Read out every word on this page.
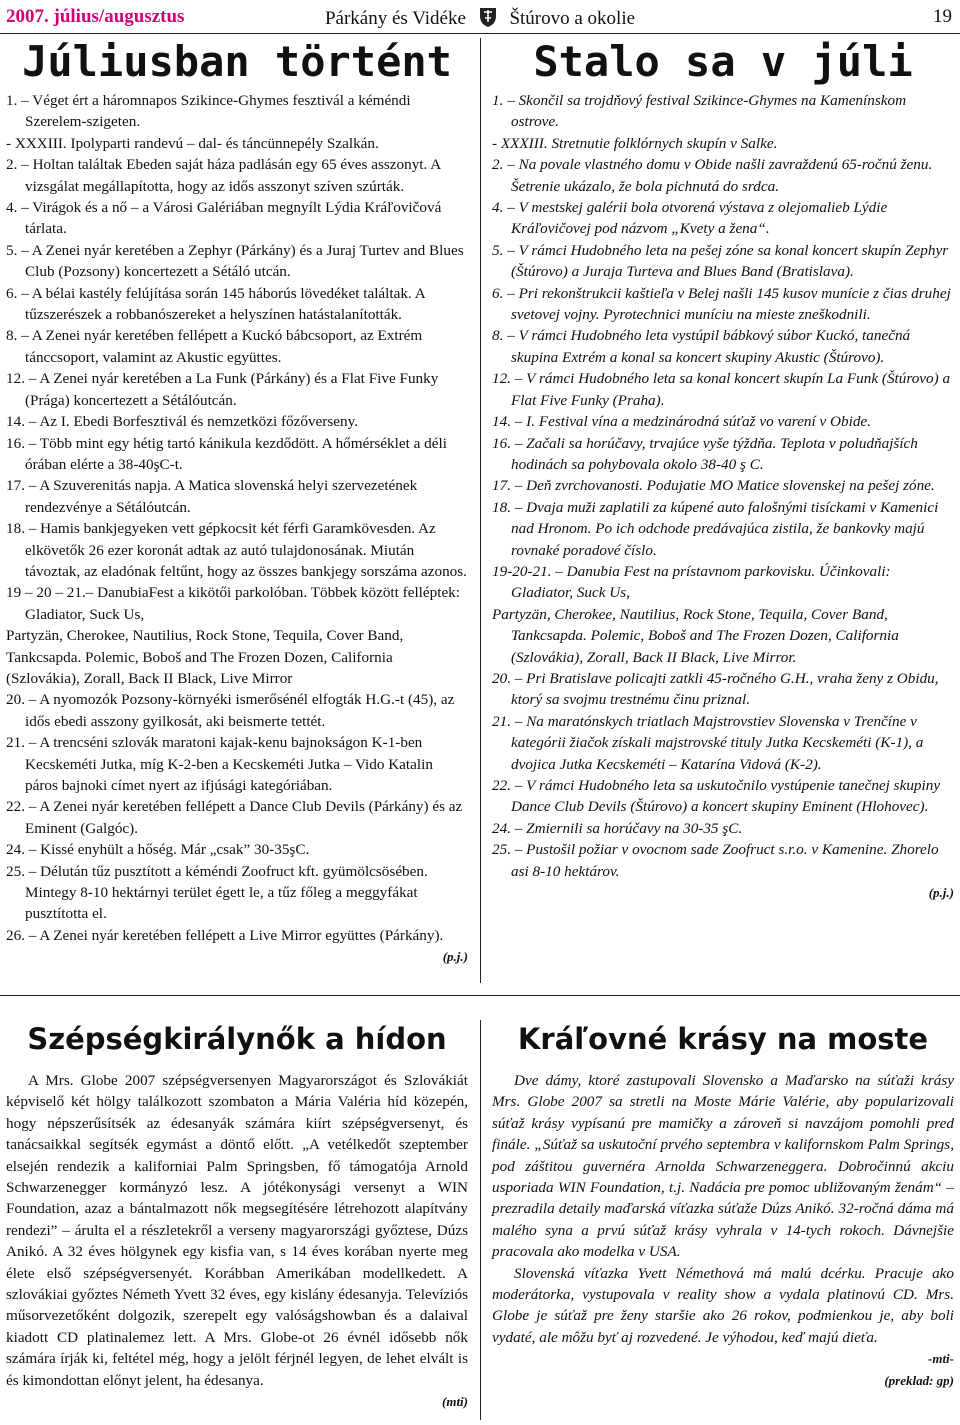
2007. július/augusztus	Párkány és Vidéke Štúrovo a okolie	19
Júliusban történt

1. – Véget ért a háromnapos Szikince-Ghymes fesztivál a kéméndi Szerelem-szigeten.

- XXXIII. Ipolyparti randevú – dal- és táncünnepély Szalkán.

2. – Holtan találtak Ebeden saját háza padlásán egy 65 éves asszonyt. A vizsgálat megállapította, hogy az idős asszonyt szíven szúrták.

4. – Virágok és a nő – a Városi Galériában megnyílt Lýdia Kráľovičová tárlata.

5. – A Zenei nyár keretében a Zephyr (Párkány) és a Juraj Turtev and Blues Club (Pozsony) koncertezett a Sétáló utcán.

6. – A bélai kastély felújítása során 145 háborús lövedéket találtak. A tűzszerészek a robbanószereket a helyszínen hatástalanították.

8. – A Zenei nyár keretében fellépett a Kuckó bábcsoport, az Extrém tánccsoport, valamint az Akustic együttes.

12. – A Zenei nyár keretében a La Funk (Párkány) és a Flat Five Funky (Prága) koncertezett a Sétálóutcán.

14. – Az I. Ebedi Borfesztivál és nemzetközi főzőverseny.

16. – Több mint egy hétig tartó kánikula kezdődött. A hőmérséklet a déli órában elérte a 38-40şC-t.

17. – A Szuverenitás napja. A Matica slovenská helyi szervezetének rendezvénye a Sétálóutcán.

18. – Hamis bankjegyeken vett gépkocsit két férfi Garamkövesden. Az elkövetők 26 ezer koronát adtak az autó tulajdonosának. Miután távoztak, az eladónak feltűnt, hogy az összes bankjegy sorszáma azonos.

19 – 20 – 21.– DanubiaFest a kikötői parkolóban. Többek között felléptek: Gladiator, Suck Us,

Partyzän, Cherokee, Nautilius, Rock Stone, Tequila, Cover Band, Tankcsapda. Polemic, Boboš and The Frozen Dozen, California (Szlovákia), Zorall, Back II Black, Live Mirror

20. – A nyomozók Pozsony-környéki ismerősénél elfogták H.G.-t (45), az idős ebedi asszony gyilkosát, aki beismerte tettét.

21. – A trencséni szlovák maratoni kajak-kenu bajnokságon K-1-ben Kecskeméti Jutka, míg K-2-ben a Kecskeméti Jutka – Vido Katalin páros bajnoki címet nyert az ifjúsági kategóriában.

22. – A Zenei nyár keretében fellépett a Dance Club Devils (Párkány) és az Eminent (Galgóc).

24. – Kissé enyhült a hőség. Már „csak” 30-35şC.

25. – Délután tűz pusztított a kéméndi Zoofruct kft. gyümölcsösében. Mintegy 8-10 hektárnyi terület égett le, a tűz főleg a meggyfákat pusztította el.

26. – A Zenei nyár keretében fellépett a Live Mirror együttes (Párkány).

(p.j.)

Stalo sa v júli

1. – Skončil sa trojdňový festival Szikince-Ghymes na Kamenínskom ostrove.

- XXXIII. Stretnutie folklórnych skupín v Salke.

2. – Na povale vlastného domu v Obide našli zavraždenú 65-ročnú ženu. Šetrenie ukázalo, že bola pichnutá do srdca.

4. – V mestskej galérii bola otvorená výstava z olejomalieb Lýdie Kráľovičovej pod názvom „Kvety a žena“.

5. – V rámci Hudobného leta na pešej zóne sa konal koncert skupín Zephyr (Štúrovo) a Juraja Turteva and Blues Band (Bratislava).

6. – Pri rekonštrukcii kaštieľa v Belej našli 145 kusov munície z čias druhej svetovej vojny. Pyrotechnici muníciu na mieste zneškodnili.

8. – V rámci Hudobného leta vystúpil bábkový súbor Kuckó, tanečná skupina Extrém a konal sa koncert skupiny Akustic (Štúrovo).

12. – V rámci Hudobného leta sa konal koncert skupín La Funk (Štúrovo) a Flat Five Funky (Praha).

14. – I. Festival vína a medzinárodná súťaž vo varení v Obide.

16. – Začali sa horúčavy, trvajúce vyše týždňa. Teplota v poludňajších hodinách sa pohybovala okolo 38-40 ş C.

17. – Deň zvrchovanosti. Podujatie MO Matice slovenskej na pešej zóne.

18. – Dvaja muži zaplatili za kúpené auto falošnými tisíckami v Kamenici nad Hronom. Po ich odchode predávajúca zistila, že bankovky majú rovnaké poradové číslo.

19-20-21. – Danubia Fest na prístavnom parkovisku. Účinkovali: Gladiator, Suck Us,

Partyzän, Cherokee, Nautilius, Rock Stone, Tequila, Cover Band, Tankcsapda. Polemic, Boboš and The Frozen Dozen, California (Szlovákia), Zorall, Back II Black, Live Mirror.

20. – Pri Bratislave policajti zatkli 45-ročného G.H., vraha ženy z Obidu, ktorý sa svojmu trestnému činu priznal.

21. – Na maratónskych triatlach Majstrovstiev Slovenska v Trenčíne v kategórii žiačok získali majstrovské tituly Jutka Kecskeméti (K-1), a dvojica Jutka Kecskeméti – Katarína Vidová (K-2).

22. – V rámci Hudobného leta sa uskutočnilo vystúpenie tanečnej skupiny Dance Club Devils (Štúrovo) a koncert skupiny Eminent (Hlohovec).

24. – Zmiernili sa horúčavy na 30-35 şC.

25. – Pustošil požiar v ovocnom sade Zoofruct s.r.o. v Kamenine. Zhorelo asi 8-10 hektárov.

(p.j.)

Szépségkirálynők a hídon

A Mrs. Globe 2007 szépségversenyen Magyarországot és Szlovákiát képviselő két hölgy találkozott szombaton a Mária Valéria híd közepén, hogy népszerűsítsék az édesanyák számára kiírt szépségversenyt, és tanácsaikkal segítsék egymást a döntő előtt. „A vetélkedőt szeptember elsején rendezik a kaliforniai Palm Springsben, fő támogatója Arnold Schwarzenegger kormányzó lesz. A jótékonysági versenyt a WIN Foundation, azaz a bántalmazott nők megsegítésére létrehozott alapítvány rendezi” – árulta el a részletekről a verseny magyarországi győztese, Dúzs Anikó. A 32 éves hölgynek egy kisfia van, s 14 éves korában nyerte meg élete első szépségversenyét. Korábban Amerikában modellkedett. A szlovákiai győztes Németh Yvett 32 éves, egy kislány édesanyja. Televíziós műsorvezetőként dolgozik, szerepelt egy valóságshowban és a dalaival kiadott CD platinalemez lett. A Mrs. Globe-ot 26 évnél idősebb nők számára írják ki, feltétel még, hogy a jelölt férjnél legyen, de lehet elvált is és kimondottan előnyt jelent, ha édesanya.

(mti)

Kráľovné krásy na moste

Dve dámy, ktoré zastupovali Slovensko a Maďarsko na súťaži krásy Mrs. Globe 2007 sa stretli na Moste Márie Valérie, aby popularizovali súťaž krásy vypísanú pre mamičky a zároveň si navzájom pomohli pred finále. „Súťaž sa uskutoční prvého septembra v kalifornskom Palm Springs, pod záštitou guvernéra Arnolda Schwarzeneggera. Dobročinnú akciu usporiada WIN Foundation, t.j. Nadácia pre pomoc ubližovaným ženám“ – prezradila detaily maďarská víťazka súťaže Dúzs Anikó. 32-ročná dáma má malého syna a prvú súťaž krásy vyhrala v 14-tych rokoch. Dávnejšie pracovala ako modelka v USA.

Slovenská víťazka Yvett Némethová má malú dcérku. Pracuje ako moderátorka, vystupovala v reality show a vydala platinovú CD. Mrs. Globe je súťaž pre ženy staršie ako 26 rokov, podmienkou je, aby boli vydaté, ale môžu byť aj rozvedené. Je výhodou, keď majú dieťa.

-mti-

(preklad: gp)
